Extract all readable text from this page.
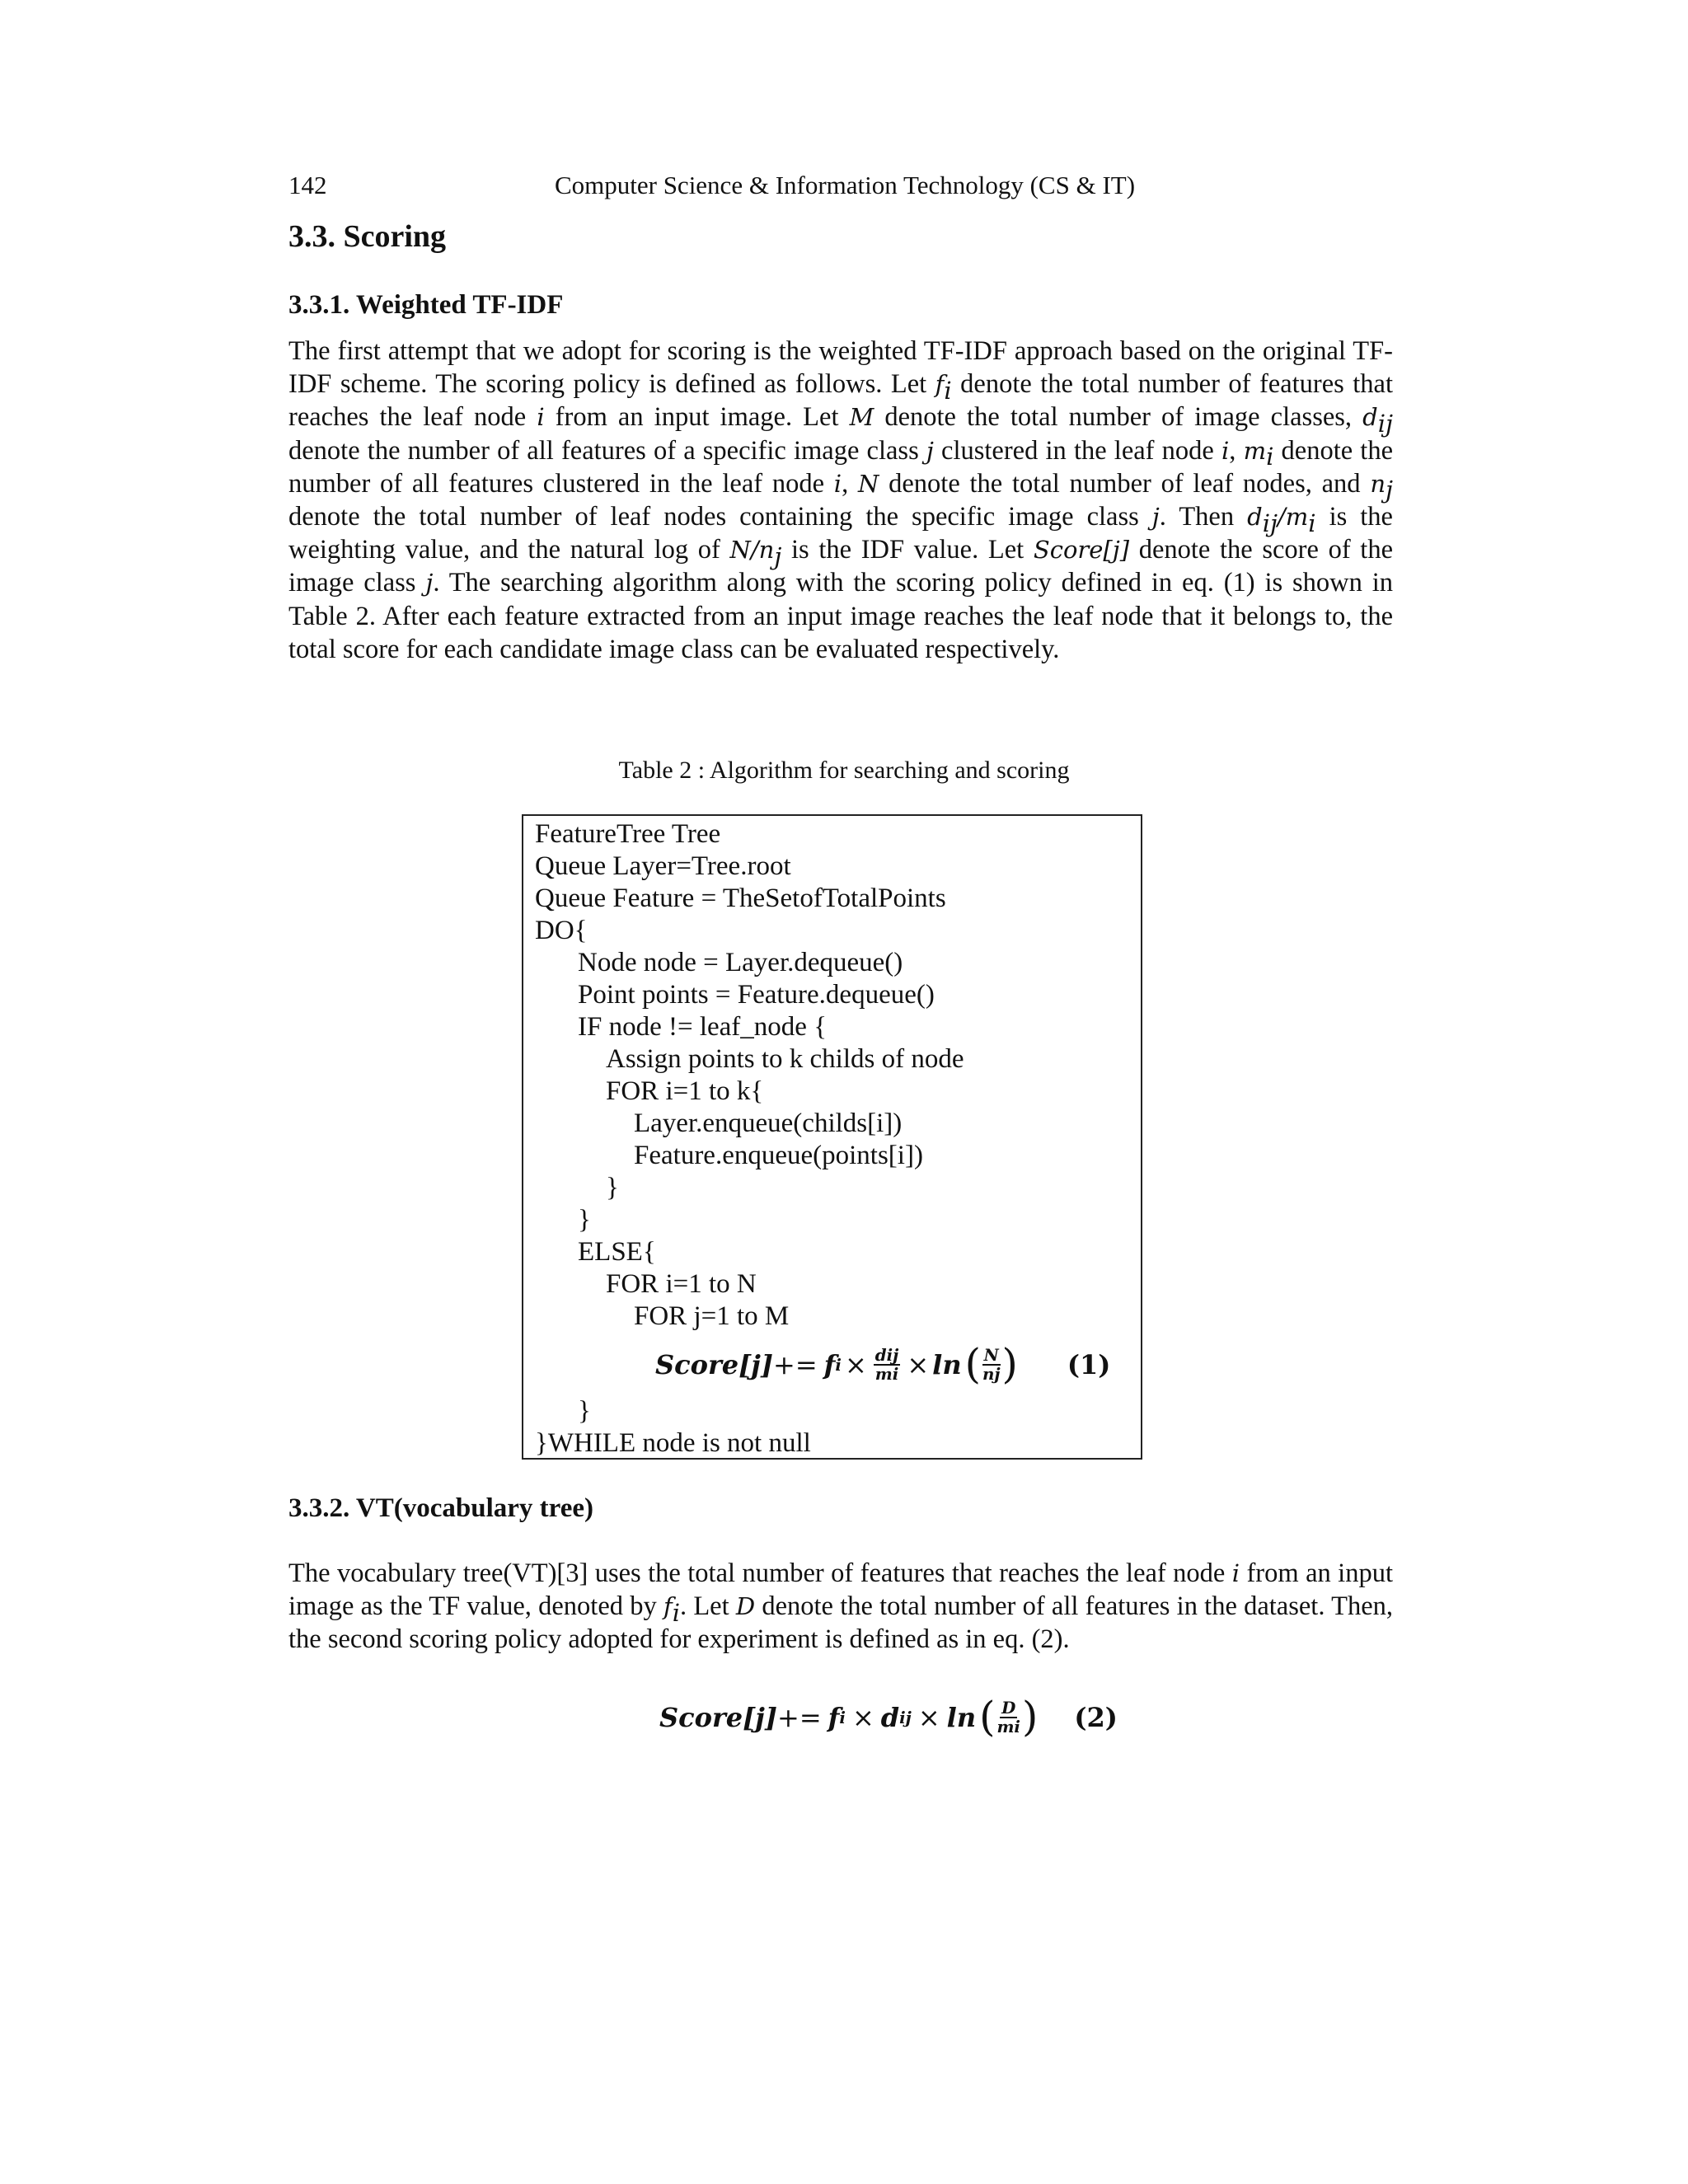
142	Computer Science & Information Technology (CS & IT)
3.3. Scoring
3.3.1. Weighted TF-IDF

The first attempt that we adopt for scoring is the weighted TF-IDF approach based on the original TF-IDF scheme. The scoring policy is defined as follows. Let $f_i$ denote the total number of features that reaches the leaf node i from an input image. Let M denote the total number of image classes, $d_{ij}$ denote the number of all features of a specific image class j clustered in the leaf node i, $m_i$ denote the number of all features clustered in the leaf node i, N denote the total number of leaf nodes, and $n_j$ denote the total number of leaf nodes containing the specific image class j. Then $d_{ij}/m_i$ is the weighting value, and the natural log of $N/n_j$ is the IDF value. Let Score[j] denote the score of the image class j. The searching algorithm along with the scoring policy defined in eq. (1) is shown in Table 2. After each feature extracted from an input image reaches the leaf node that it belongs to, the total score for each candidate image class can be evaluated respectively.

Table 2 : Algorithm for searching and scoring
FeatureTree Tree
Queue Layer=Tree.root
Queue Feature = TheSetofTotalPoints
DO{
Node node = Layer.dequeue()
Point points = Feature.dequeue()
IF node != leaf_node {
Assign points to k childs of node
FOR i=1 to k{
Layer.enqueue(childs[i])
Feature.enqueue(points[i])
}
}
ELSE{
FOR i=1 to N
FOR j=1 to M
Score[j] += f $i \times \frac{\text{dij}}{mi} \times \ln$ ( $\frac{N}{nj}$ ) (1)
}
}WHILE node is not null
3.3.2. VT(vocabulary tree)

The vocabulary tree(VT)[3] uses the total number of features that reaches the leaf node i from an input image as the TF value, denoted by $f_i$. Let D denote the total number of all features in the dataset. Then, the second scoring policy adopted for experiment is defined as in eq. (2).

Score[j] += f i × d ij × ln ( $\frac{D}{mi}$ ) (2)
